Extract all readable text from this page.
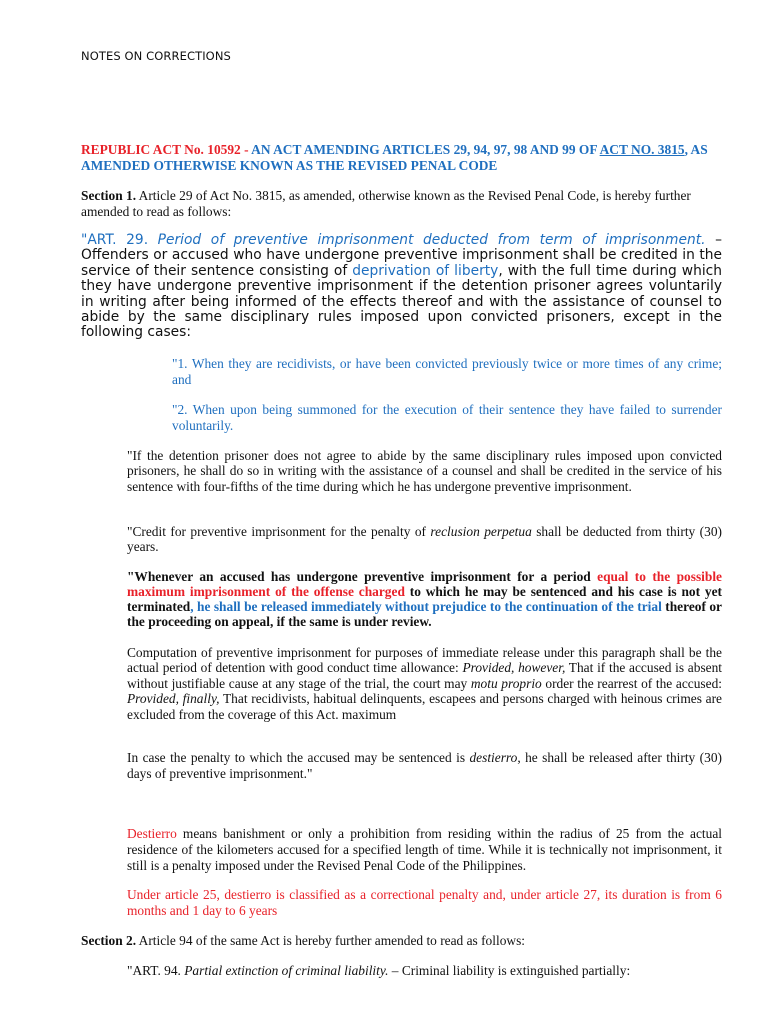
NOTES ON CORRECTIONS
REPUBLIC ACT No. 10592 - AN ACT AMENDING ARTICLES 29, 94, 97, 98 AND 99 OF ACT NO. 3815, AS AMENDED OTHERWISE KNOWN AS THE REVISED PENAL CODE
Section 1. Article 29 of Act No. 3815, as amended, otherwise known as the Revised Penal Code, is hereby further amended to read as follows:
"ART. 29. Period of preventive imprisonment deducted from term of imprisonment. – Offenders or accused who have undergone preventive imprisonment shall be credited in the service of their sentence consisting of deprivation of liberty, with the full time during which they have undergone preventive imprisonment if the detention prisoner agrees voluntarily in writing after being informed of the effects thereof and with the assistance of counsel to abide by the same disciplinary rules imposed upon convicted prisoners, except in the following cases:
"1. When they are recidivists, or have been convicted previously twice or more times of any crime; and
"2. When upon being summoned for the execution of their sentence they have failed to surrender voluntarily.
"If the detention prisoner does not agree to abide by the same disciplinary rules imposed upon convicted prisoners, he shall do so in writing with the assistance of a counsel and shall be credited in the service of his sentence with four-fifths of the time during which he has undergone preventive imprisonment.
"Credit for preventive imprisonment for the penalty of reclusion perpetua shall be deducted from thirty (30) years.
"Whenever an accused has undergone preventive imprisonment for a period equal to the possible maximum imprisonment of the offense charged to which he may be sentenced and his case is not yet terminated, he shall be released immediately without prejudice to the continuation of the trial thereof or the proceeding on appeal, if the same is under review.
Computation of preventive imprisonment for purposes of immediate release under this paragraph shall be the actual period of detention with good conduct time allowance: Provided, however, That if the accused is absent without justifiable cause at any stage of the trial, the court may motu proprio order the rearrest of the accused: Provided, finally, That recidivists, habitual delinquents, escapees and persons charged with heinous crimes are excluded from the coverage of this Act. maximum
In case the penalty to which the accused may be sentenced is destierro, he shall be released after thirty (30) days of preventive imprisonment."
Destierro means banishment or only a prohibition from residing within the radius of 25 from the actual residence of the kilometers accused for a specified length of time. While it is technically not imprisonment, it still is a penalty imposed under the Revised Penal Code of the Philippines.
Under article 25, destierro is classified as a correctional penalty and, under article 27, its duration is from 6 months and 1 day to 6 years
Section 2. Article 94 of the same Act is hereby further amended to read as follows:
"ART. 94. Partial extinction of criminal liability. – Criminal liability is extinguished partially:
